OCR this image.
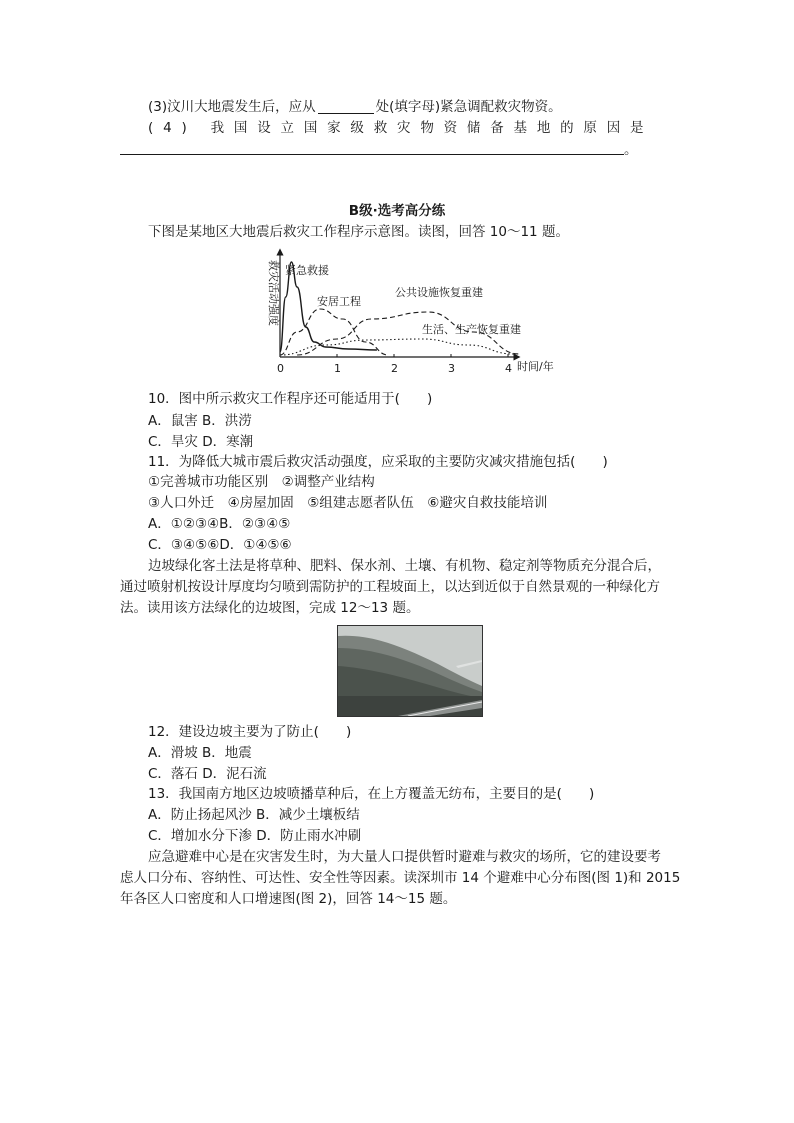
(3)汶川大地震发生后，应从	处(填字母)紧急调配救灾物资。
(4) 我国设立国家级救灾物资储备基地的原因是
。
B级·选考高分练
下图是某地区大地震后救灾工作程序示意图。读图，回答 10～11 题。
救灾活动强度
时间/年
0	1	2	3	4
紧急救援
安居工程
公共设施恢复重建
生活、生产恢复重建
10．图中所示救灾工作程序还可能适用于(　　)
A．鼠害 B．洪涝
C．旱灾 D．寒潮
11．为降低大城市震后救灾活动强度，应采取的主要防灾减灾措施包括(　　)
①完善城市功能区别　②调整产业结构
③人口外迁　④房屋加固　⑤组建志愿者队伍　⑥避灾自救技能培训
A．①②③④B．②③④⑤
C．③④⑤⑥D．①④⑤⑥
边坡绿化客土法是将草种、肥料、保水剂、土壤、有机物、稳定剂等物质充分混合后，
通过喷射机按设计厚度均匀喷到需防护的工程坡面上，以达到近似于自然景观的一种绿化方
法。读用该方法绿化的边坡图，完成 12～13 题。
12．建设边坡主要为了防止(　　)
A．滑坡 B．地震
C．落石 D．泥石流
13．我国南方地区边坡喷播草种后，在上方覆盖无纺布，主要目的是(　　)
A．防止扬起风沙 B．减少土壤板结
C．增加水分下渗 D．防止雨水冲刷
应急避难中心是在灾害发生时，为大量人口提供暂时避难与救灾的场所，它的建设要考
虑人口分布、容纳性、可达性、安全性等因素。读深圳市 14 个避难中心分布图(图 1)和 2015
年各区人口密度和人口增速图(图 2)，回答 14～15 题。
